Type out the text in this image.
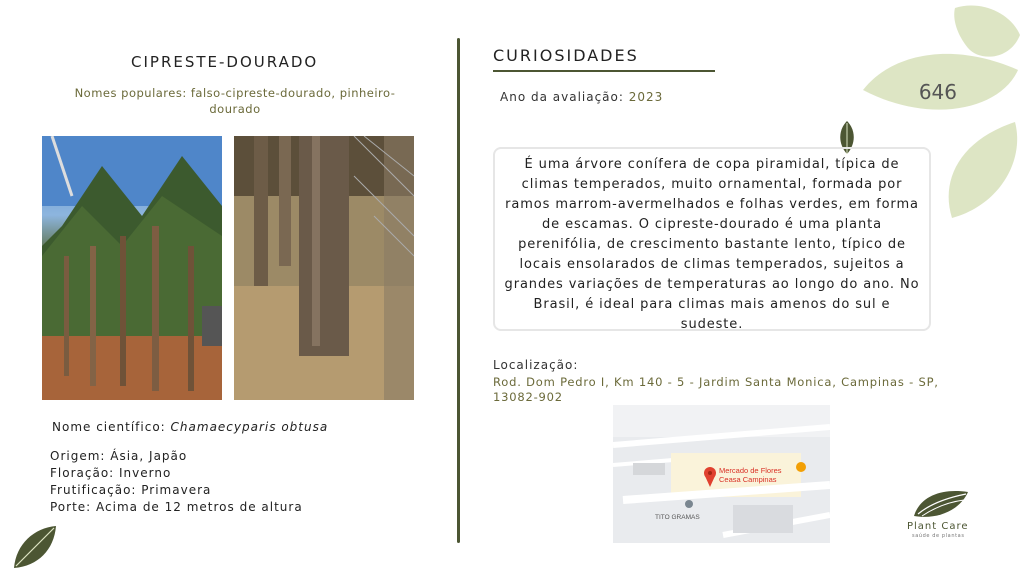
CIPRESTE-DOURADO
Nomes populares: falso-cipreste-dourado, pinheiro-dourado
Nome científico: Chamaecyparis obtusa
Origem: Ásia, Japão
Floração: Inverno
Frutificação: Primavera
Porte: Acima de 12 metros de altura
CURIOSIDADES
Ano da avaliação: 2023	646
É uma árvore conífera de copa piramidal, típica de climas temperados, muito ornamental, formada por ramos marrom-avermelhados e folhas verdes, em forma de escamas. O cipreste-dourado é uma planta perenifólia, de crescimento bastante lento, típico de locais ensolarados de climas temperados, sujeitos a grandes variações de temperaturas ao longo do ano. No Brasil, é ideal para climas mais amenos do sul e sudeste.
Localização:
Rod. Dom Pedro I, Km 140 - 5 - Jardim Santa Monica, Campinas - SP, 13082-902
Mercado de Flores
Ceasa Campinas
TITO GRAMAS
Plant Care
saúde de plantas
